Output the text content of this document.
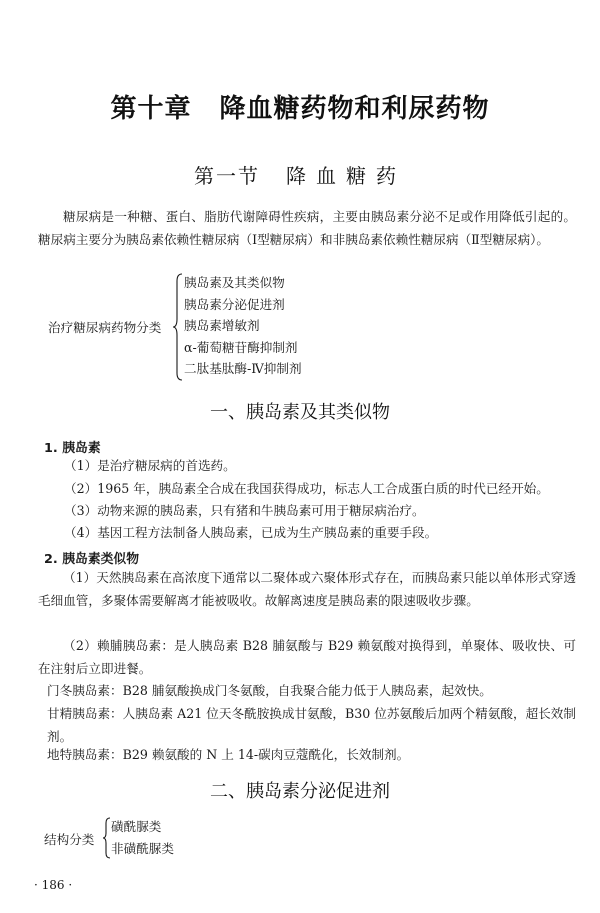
第十章 降血糖药物和利尿药物
第一节 降血糖药
糖尿病是一种糖、蛋白、脂肪代谢障碍性疾病，主要由胰岛素分泌不足或作用降低引起的。糖尿病主要分为胰岛素依赖性糖尿病（Ⅰ型糖尿病）和非胰岛素依赖性糖尿病（Ⅱ型糖尿病）。
治疗糖尿病药物分类
胰岛素及其类似物
胰岛素分泌促进剂
胰岛素增敏剂
α-葡萄糖苷酶抑制剂
二肽基肽酶-Ⅳ抑制剂
一、胰岛素及其类似物
1. 胰岛素
（1）是治疗糖尿病的首选药。
（2）1965 年，胰岛素全合成在我国获得成功，标志人工合成蛋白质的时代已经开始。
（3）动物来源的胰岛素，只有猪和牛胰岛素可用于糖尿病治疗。
（4）基因工程方法制备人胰岛素，已成为生产胰岛素的重要手段。
2. 胰岛素类似物
（1）天然胰岛素在高浓度下通常以二聚体或六聚体形式存在，而胰岛素只能以单体形式穿透毛细血管，多聚体需要解离才能被吸收。故解离速度是胰岛素的限速吸收步骤。
（2）赖脯胰岛素：是人胰岛素 B28 脯氨酸与 B29 赖氨酸对换得到，单聚体、吸收快、可在注射后立即进餐。
门冬胰岛素：B28 脯氨酸换成门冬氨酸，自我聚合能力低于人胰岛素，起效快。
甘精胰岛素：人胰岛素 A21 位天冬酰胺换成甘氨酸，B30 位苏氨酸后加两个精氨酸，超长效制剂。
地特胰岛素：B29 赖氨酸的 N 上 14-碳肉豆蔻酰化，长效制剂。
二、胰岛素分泌促进剂
结构分类
磺酰脲类
非磺酰脲类
· 186 ·
